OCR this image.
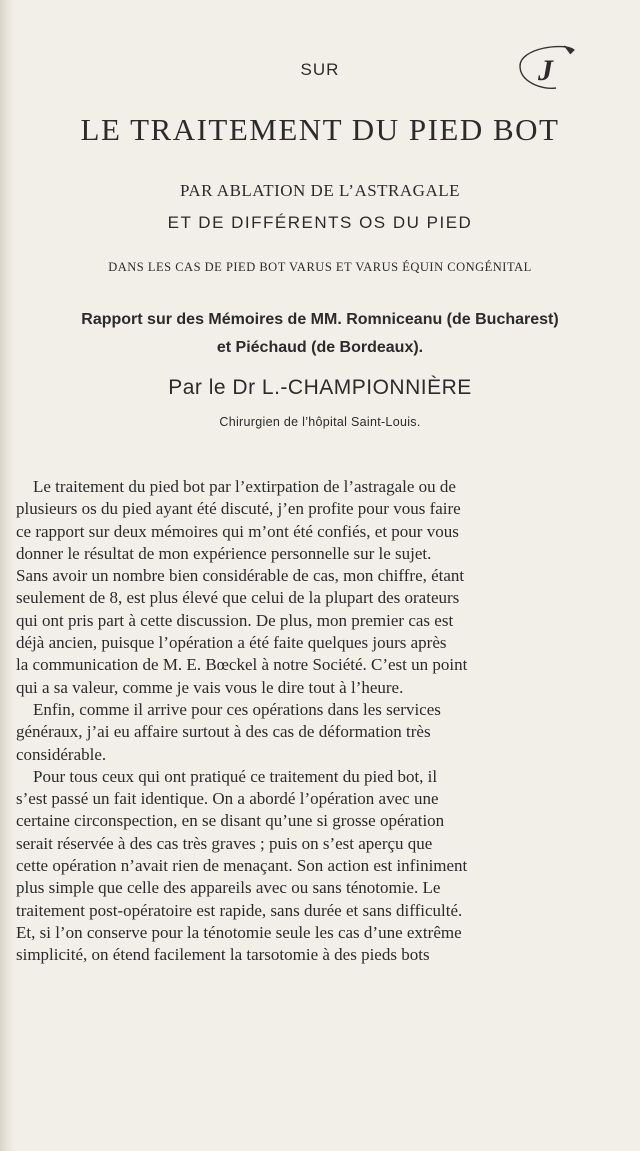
J
SUR
LE TRAITEMENT DU PIED BOT
PAR ABLATION DE L’ASTRAGALE
ET DE DIFFÉRENTS OS DU PIED
DANS LES CAS DE PIED BOT VARUS ET VARUS ÉQUIN CONGÉNITAL
Rapport sur des Mémoires de MM. Romniceanu (de Bucharest)
et Piéchaud (de Bordeaux).
Par le Dr L.-CHAMPIONNIÈRE
Chirurgien de l’hôpital Saint-Louis.
Le traitement du pied bot par l’extirpation de l’astragale ou de
plusieurs os du pied ayant été discuté, j’en profite pour vous faire
ce rapport sur deux mémoires qui m’ont été confiés, et pour vous
donner le résultat de mon expérience personnelle sur le sujet.
Sans avoir un nombre bien considérable de cas, mon chiffre, étant
seulement de 8, est plus élevé que celui de la plupart des orateurs
qui ont pris part à cette discussion. De plus, mon premier cas est
déjà ancien, puisque l’opération a été faite quelques jours après
la communication de M. E. Bœckel à notre Société. C’est un point
qui a sa valeur, comme je vais vous le dire tout à l’heure.
Enfin, comme il arrive pour ces opérations dans les services
généraux, j’ai eu affaire surtout à des cas de déformation très
considérable.
Pour tous ceux qui ont pratiqué ce traitement du pied bot, il
s’est passé un fait identique. On a abordé l’opération avec une
certaine circonspection, en se disant qu’une si grosse opération
serait réservée à des cas très graves ; puis on s’est aperçu que
cette opération n’avait rien de menaçant. Son action est infiniment
plus simple que celle des appareils avec ou sans ténotomie. Le
traitement post-opératoire est rapide, sans durée et sans difficulté.
Et, si l’on conserve pour la ténotomie seule les cas d’une extrême
simplicité, on étend facilement la tarsotomie à des pieds bots
